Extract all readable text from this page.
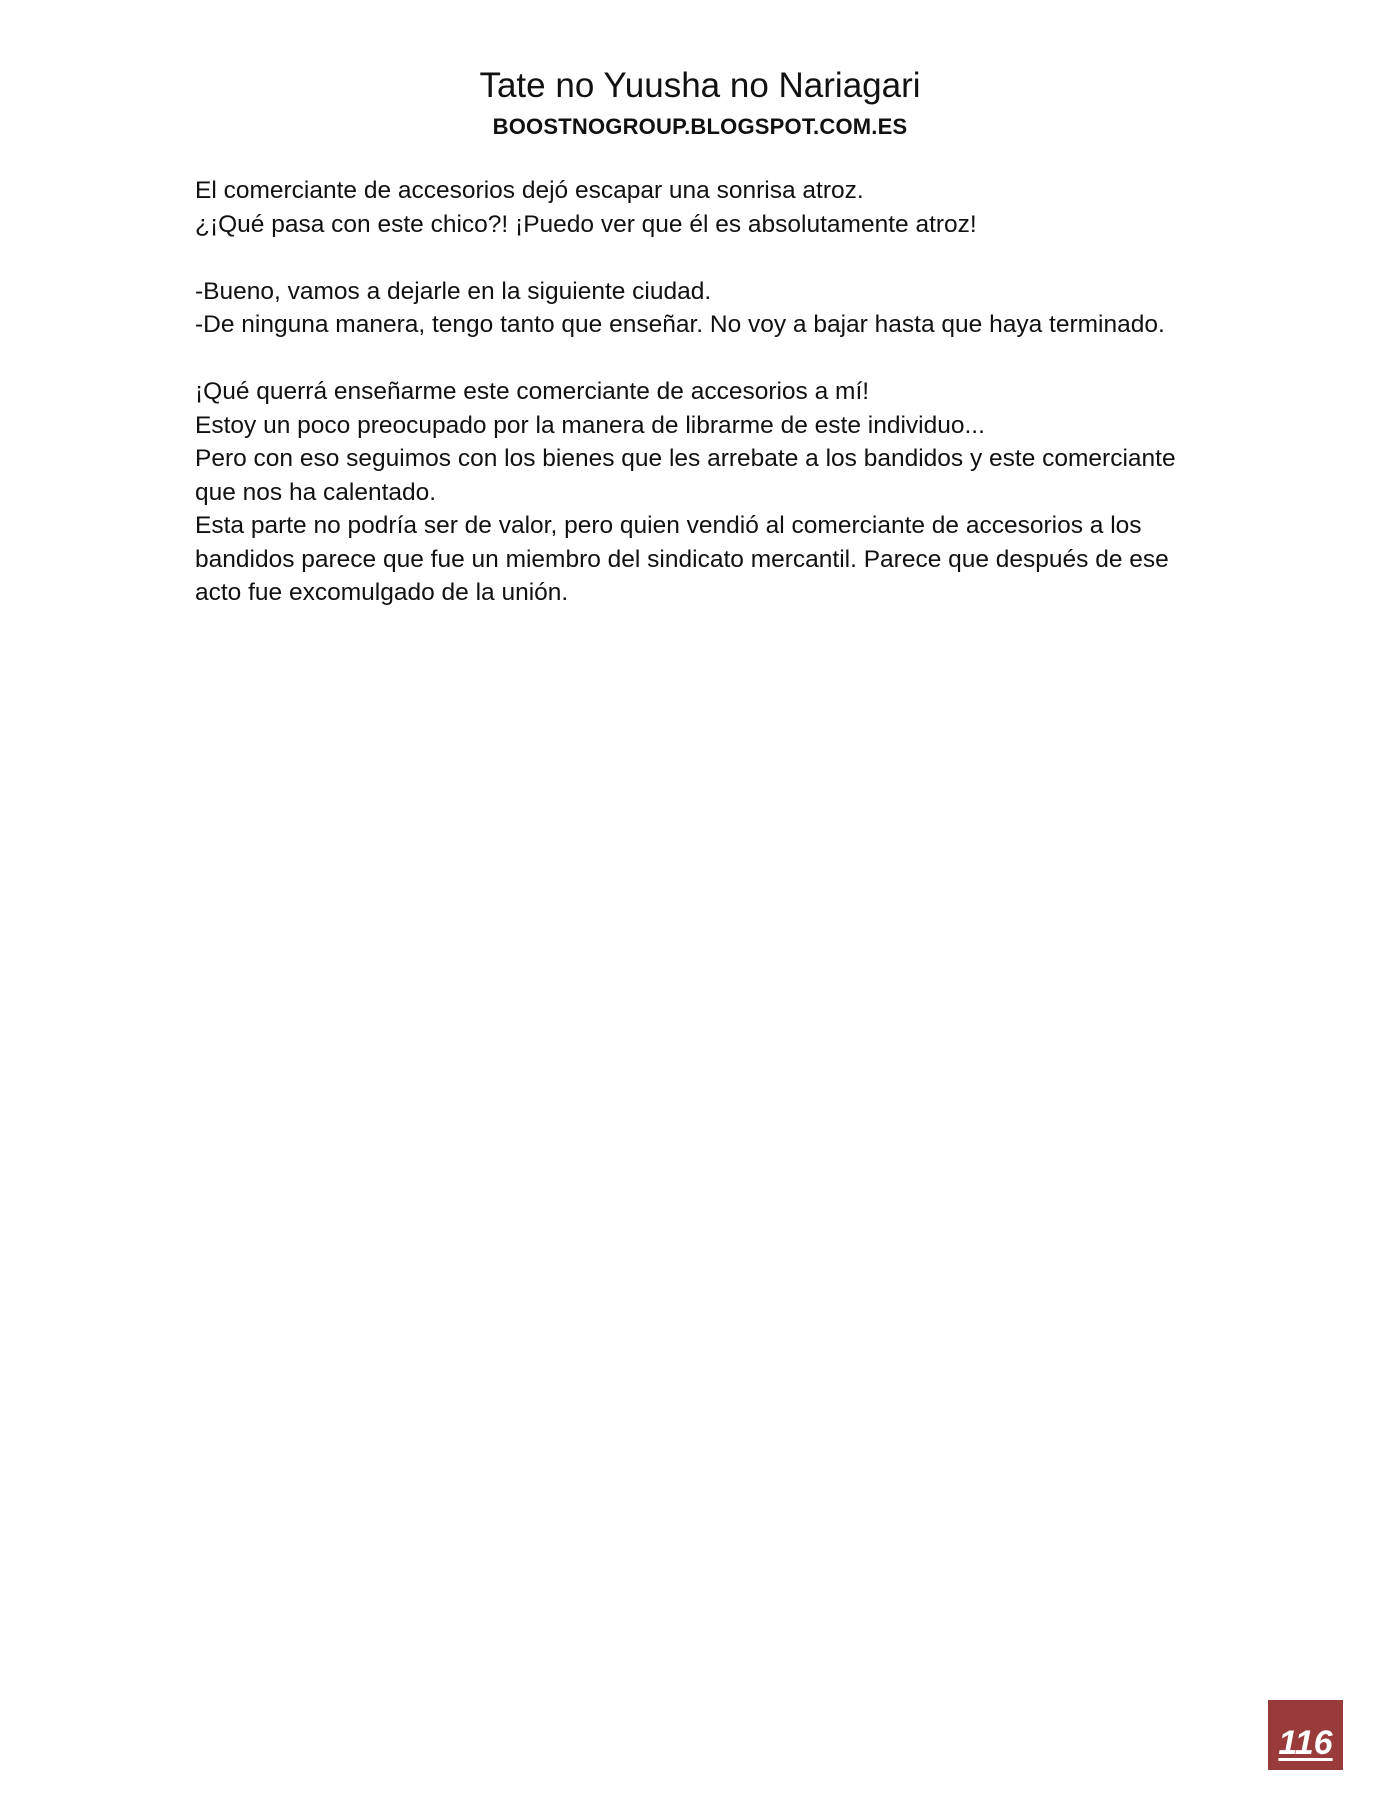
Tate no Yuusha no Nariagari
BOOSTNOGROUP.BLOGSPOT.COM.ES

El comerciante de accesorios dejó escapar una sonrisa atroz.
¿¡Qué pasa con este chico?! ¡Puedo ver que él es absolutamente atroz!

-Bueno, vamos a dejarle en la siguiente ciudad.
-De ninguna manera, tengo tanto que enseñar. No voy a bajar hasta que haya terminado.

¡Qué querrá enseñarme este comerciante de accesorios a mí!
Estoy un poco preocupado por la manera de librarme de este individuo...
Pero con eso seguimos con los bienes que les arrebate a los bandidos y este comerciante
que nos ha calentado.
Esta parte no podría ser de valor, pero quien vendió al comerciante de accesorios a los
bandidos parece que fue un miembro del sindicato mercantil. Parece que después de ese
acto fue excomulgado de la unión.

116
